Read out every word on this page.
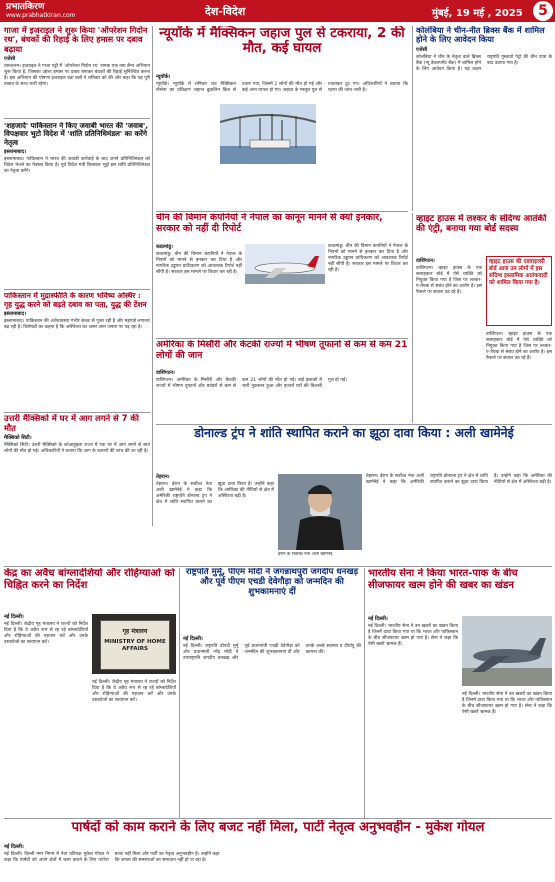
प्रभातकिरण
www.prabhatkiran.com	देश-विदेश	मुंबई, 19 मई , 2025	5
गाजा में इजराइल ने शुरू किया 'ऑपरेशन गिदोन रथ', बंधकों की रिहाई के लिए हमास पर दबाव बढ़ाया
एजेंसी
यरूशलम। इजराइल ने गाजा पट्टी में 'ऑपरेशन गिदोन रथ' नामक एक नया सैन्य अभियान शुरू किया है, जिसका उद्देश्य हमास पर दबाव बनाकर बंधकों की रिहाई सुनिश्चित करना है। इस अभियान की घोषणा इजराइल रक्षा बलों ने शनिवार को की और कहा कि यह पूरी ताकत के साथ जारी रहेगा।
'शहजादे' पाकिस्तान ने किए जवाबी भारत की 'जवाब', विपक्षवार भुटो विदेश में 'शांति प्रतिनिधिमंडल' का करेंगे नेतृत्व
इस्लामाबाद।
इस्लामाबाद। पाकिस्तान ने भारत की जवाबी कार्रवाई के बाद अपने प्रतिनिधिमंडल को विदेश भेजने का फैसला किया है। पूर्व विदेश मंत्री बिलावल भुट्टो इस शांति प्रतिनिधिमंडल का नेतृत्व करेंगे।
पाकिस्तान में मुद्रास्फीति के कारण भविष्य अस्थिर : गृह युद्ध करने को बढ़ते दबाव का पता, युद्ध की टेंशन
इस्लामाबाद।
इस्लामाबाद। पाकिस्तान की अर्थव्यवस्था गंभीर संकट से गुजर रही है और महंगाई लगातार बढ़ रही है। विशेषज्ञों का कहना है कि अस्थिरता का असर आम जनता पर पड़ रहा है।
उत्तरी मैक्सिको में घर में आग लगने से 7 की मौत
मैक्सिको सिटी।
मैक्सिको सिटी। उत्तरी मैक्सिको के कोआहुइला राज्य में एक घर में आग लगने से सात लोगों की मौत हो गई। अधिकारियों ने बताया कि आग के कारणों की जांच की जा रही है।
न्यूयॉर्क में मैक्सिकन जहाज पुल से टकराया, 2 की मौत, कई घायल
न्यूयॉर्क।
न्यूयॉर्क। न्यूयॉर्क में शनिवार रात मैक्सिकन नौसेना का प्रशिक्षण जहाज ब्रुकलिन ब्रिज से टकरा गया, जिसमें 2 लोगों की मौत हो गई और कई अन्य घायल हो गए। जहाज के मस्तूल पुल से टकराकर टूट गए। अधिकारियों ने बताया कि घटना की जांच जारी है।
चीन की विमान कंपनियों ने नेपाल का कानून मानने से क्यों इनकार, सरकार को नहीं दी रिपोर्ट
काठमांडू।
काठमांडू। चीन की विमान कंपनियों ने नेपाल के नियमों को मानने से इनकार कर दिया है और नागरिक उड्डयन प्राधिकरण को आवश्यक रिपोर्ट नहीं सौंपी है। सरकार इस मामले पर विचार कर रही है।
काठमांडू। चीन की विमान कंपनियों ने नेपाल के नियमों को मानने से इनकार कर दिया है और नागरिक उड्डयन प्राधिकरण को आवश्यक रिपोर्ट नहीं सौंपी है। सरकार इस मामले पर विचार कर रही है।
अमेरिका के मिसौरी और केंटकी राज्यों में भीषण तूफानों से कम से कम 21 लोगों की जान
वाशिंगटन।
वाशिंगटन। अमेरिका के मिसौरी और केंटकी राज्यों में भीषण तूफानों और बवंडरों से कम से कम 21 लोगों की मौत हो गई। कई इलाकों में भारी नुकसान हुआ और हजारों घरों की बिजली गुल हो गई।
कोलंबिया ने चीन-नीत ब्रिक्स बैंक में शामिल होने के लिए आवेदन किया
एजेंसी
कोलंबिया ने चीन के नेतृत्व वाले ब्रिक्स बैंक (न्यू डेवलपमेंट बैंक) में शामिल होने के लिए आवेदन किया है। यह कदम राष्ट्रपति गुस्तावो पेट्रो की चीन यात्रा के बाद उठाया गया है।
व्हाइट हाउस में लश्कर के संदिग्ध आतंकी की एंट्री, बनाया गया बोर्ड सदस्य
वाशिंगटन।
वाशिंगटन। व्हाइट हाउस के एक सलाहकार बोर्ड में ऐसे व्यक्ति को नियुक्त किया गया है जिस पर लश्कर-ए-तैयबा से संबंध होने का आरोप है। इस फैसले पर सवाल उठ रहे हैं।
व्हाइट हाउस की एडवाइजरी बोर्ड आज उन लोगों में इस संदिग्ध इस्लामिक आतंकवादी को शामिल किया गया है।
वाशिंगटन। व्हाइट हाउस के एक सलाहकार बोर्ड में ऐसे व्यक्ति को नियुक्त किया गया है जिस पर लश्कर-ए-तैयबा से संबंध होने का आरोप है। इस फैसले पर सवाल उठ रहे हैं।
डोनाल्ड ट्रंप ने शांति स्थापित कराने का झूठा दावा किया : अली खामेनेई
तेहरान।
तेहरान। ईरान के सर्वोच्च नेता अली खामेनेई ने कहा कि अमेरिकी राष्ट्रपति डोनाल्ड ट्रंप ने क्षेत्र में शांति स्थापित कराने का झूठा दावा किया है। उन्होंने कहा कि अमेरिका की नीतियों से क्षेत्र में अस्थिरता बढ़ी है।
ईरान के सर्वोच्च नेता अली खामेनेई
तेहरान। ईरान के सर्वोच्च नेता अली खामेनेई ने कहा कि अमेरिकी राष्ट्रपति डोनाल्ड ट्रंप ने क्षेत्र में शांति स्थापित कराने का झूठा दावा किया है। उन्होंने कहा कि अमेरिका की नीतियों से क्षेत्र में अस्थिरता बढ़ी है।
केंद्र का अवैध बांग्लादेशियों और रोहिंग्याओं को चिह्नित करने का निर्देश
नई दिल्ली।
नई दिल्ली। केंद्रीय गृह मंत्रालय ने राज्यों को निर्देश दिया है कि वे अवैध रूप से रह रहे बांग्लादेशियों और रोहिंग्याओं की पहचान करें और उनके दस्तावेजों का सत्यापन करें।
गृह मंत्रालय
MINISTRY OF HOME AFFAIRS
नई दिल्ली। केंद्रीय गृह मंत्रालय ने राज्यों को निर्देश दिया है कि वे अवैध रूप से रह रहे बांग्लादेशियों और रोहिंग्याओं की पहचान करें और उनके दस्तावेजों का सत्यापन करें।
राष्ट्रपति मुर्मू, पीएम मोदी ने जगन्नाथपुरी जगदीप धनखड़ और पूर्व पीएम एचडी देवेगौड़ा को जन्मदिन की शुभकामनाएं दीं
नई दिल्ली।
नई दिल्ली। राष्ट्रपति द्रौपदी मुर्मू और प्रधानमंत्री नरेंद्र मोदी ने उपराष्ट्रपति जगदीप धनखड़ और पूर्व प्रधानमंत्री एचडी देवेगौड़ा को जन्मदिन की शुभकामनाएं दीं और उनके अच्छे स्वास्थ्य व दीर्घायु की कामना की।
भारतीय सेना ने किया भारत-पाक के बीच सीजफायर खत्म होने की खबर का खंडन
नई दिल्ली।
नई दिल्ली। भारतीय सेना ने उन खबरों का खंडन किया है जिनमें दावा किया गया था कि भारत और पाकिस्तान के बीच सीजफायर खत्म हो गया है। सेना ने कहा कि ऐसी खबरें भ्रामक हैं।
नई दिल्ली। भारतीय सेना ने उन खबरों का खंडन किया है जिनमें दावा किया गया था कि भारत और पाकिस्तान के बीच सीजफायर खत्म हो गया है। सेना ने कहा कि ऐसी खबरें भ्रामक हैं।
पार्षदों को काम कराने के लिए बजट नहीं मिला, पार्टी नेतृत्व अनुभवहीन - मुकेश गोयल
नई दिल्ली।
नई दिल्ली। दिल्ली नगर निगम में नेता प्रतिपक्ष मुकेश गोयल ने कहा कि पार्षदों को अपने क्षेत्रों में काम कराने के लिए पर्याप्त बजट नहीं मिला और पार्टी का नेतृत्व अनुभवहीन है। उन्होंने कहा कि जनता की समस्याओं का समाधान नहीं हो पा रहा है।
